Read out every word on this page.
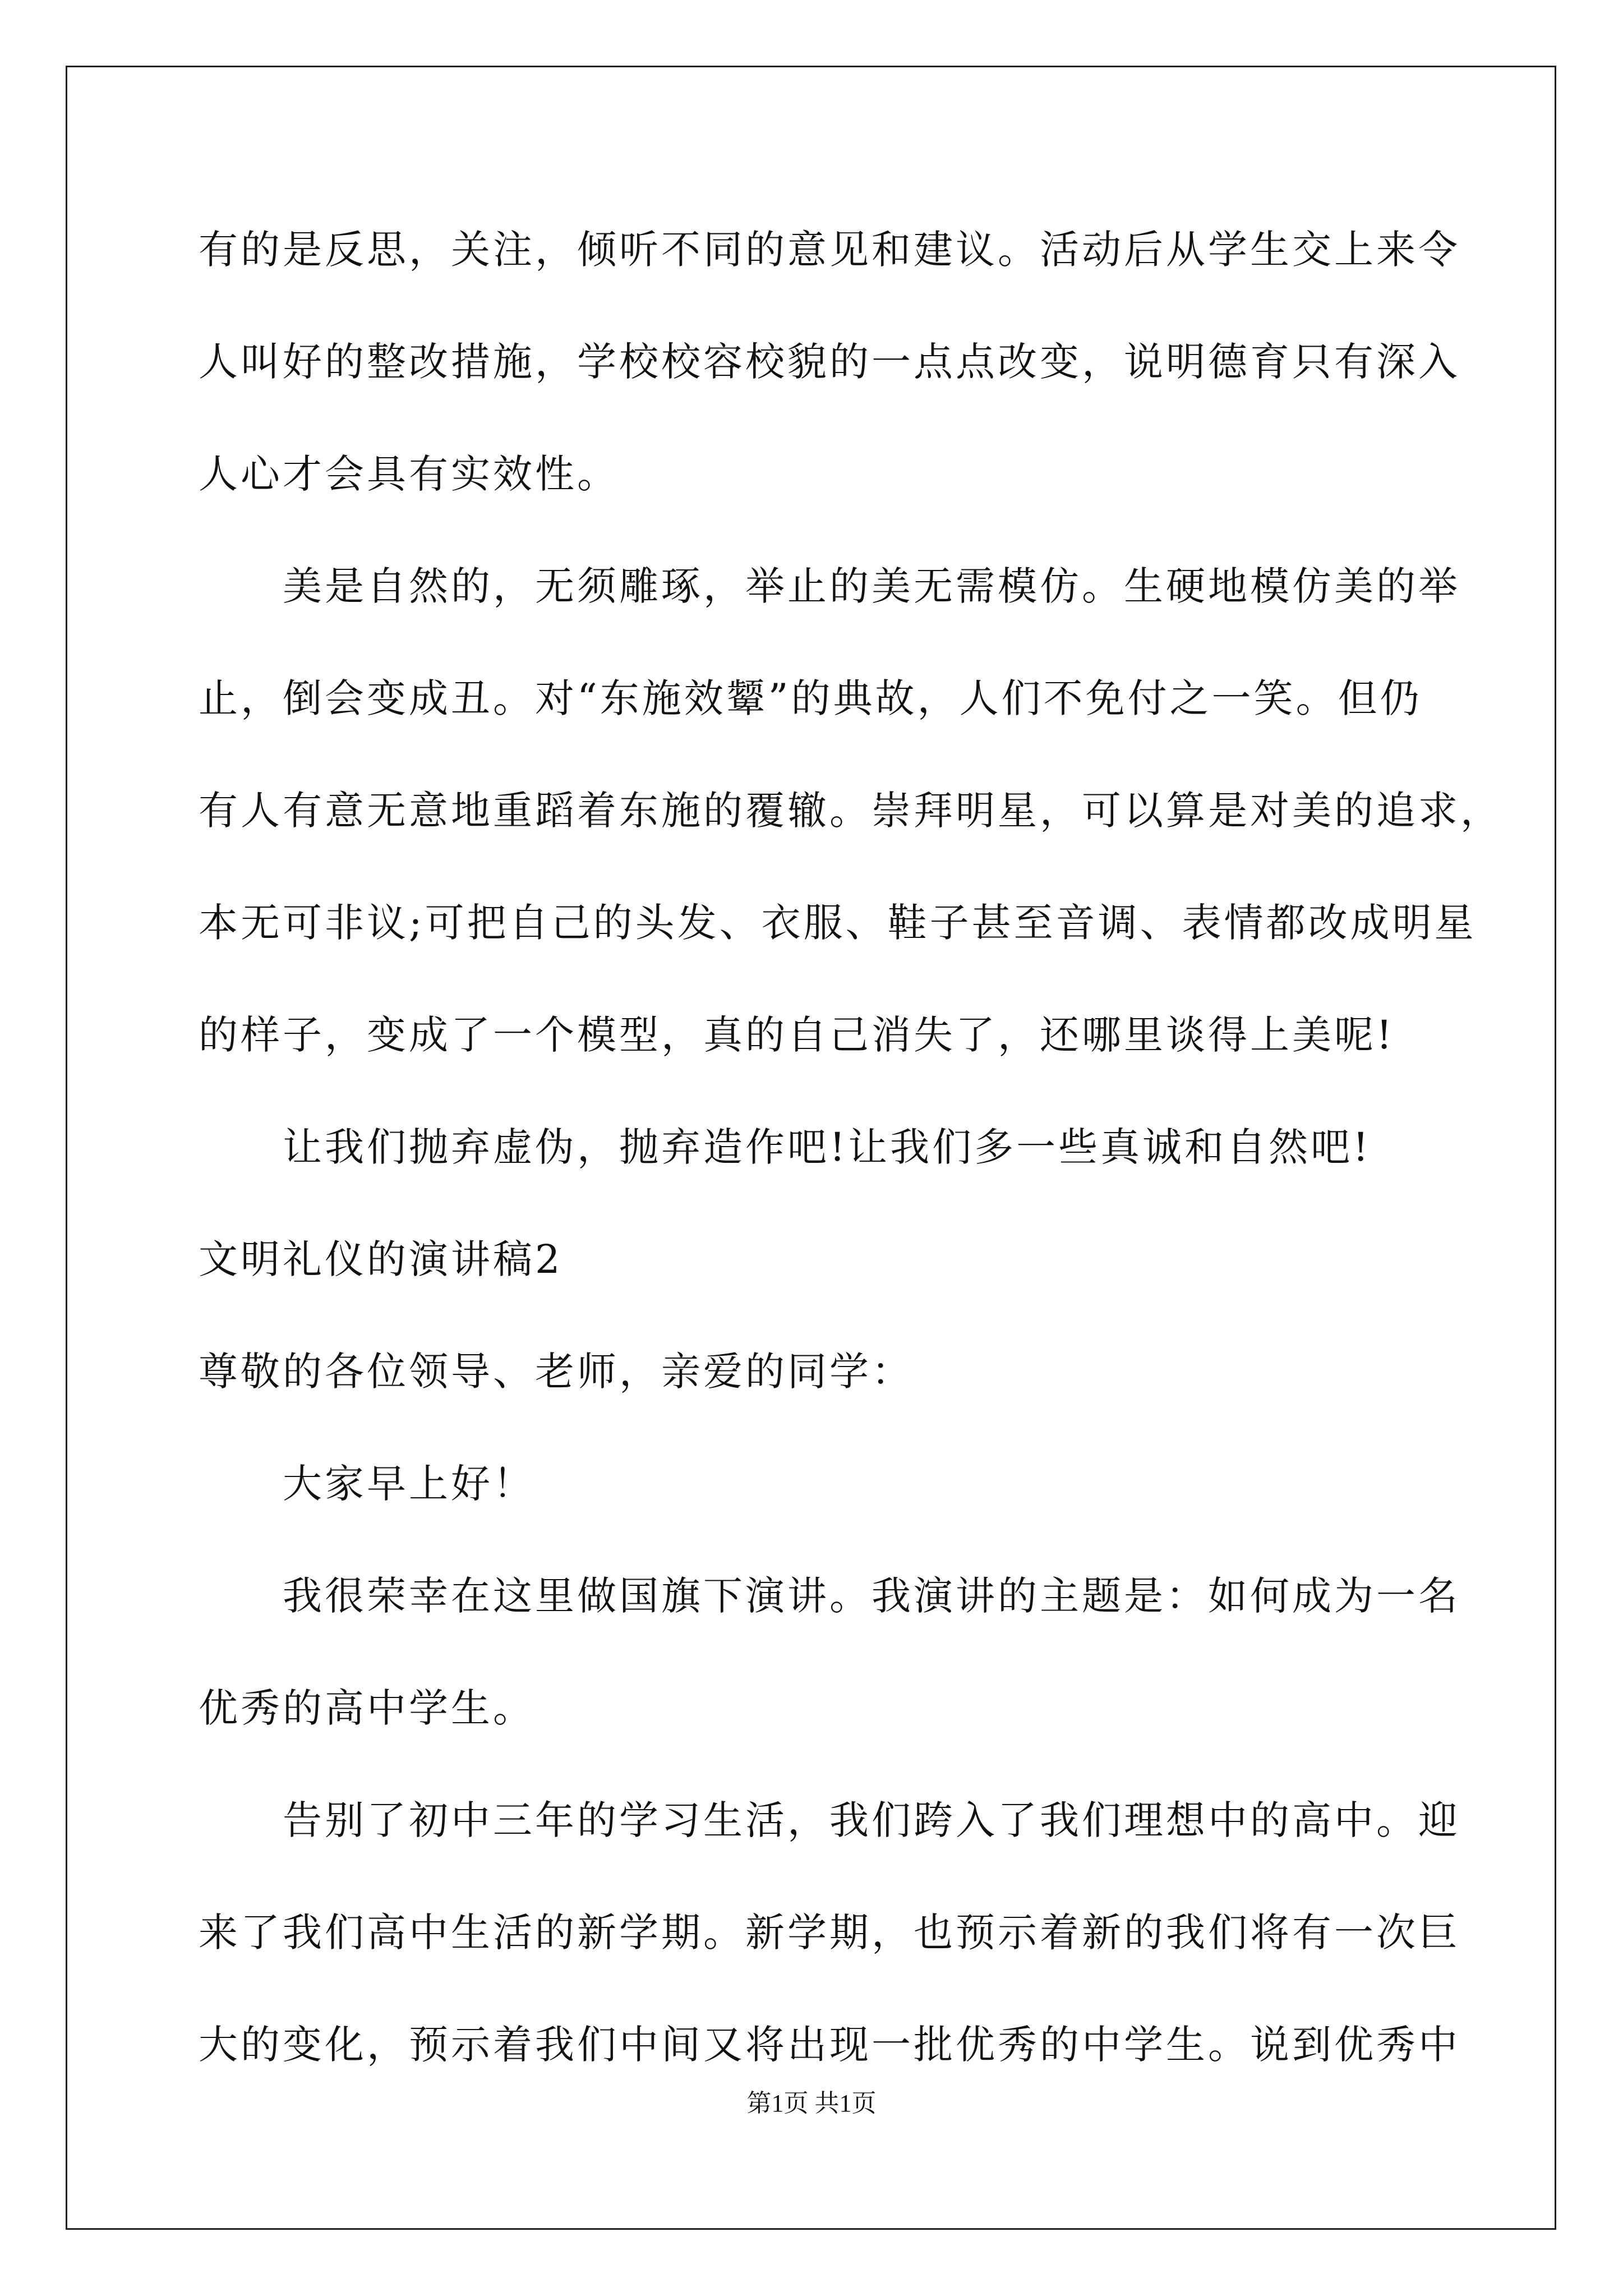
有的是反思，关注，倾听不同的意见和建议。活动后从学生交上来令
人叫好的整改措施，学校校容校貌的一点点改变，说明德育只有深入
人心才会具有实效性。
美是自然的，无须雕琢，举止的美无需模仿。生硬地模仿美的举
止，倒会变成丑。对“东施效颦”的典故，人们不免付之一笑。但仍
有人有意无意地重蹈着东施的覆辙。崇拜明星，可以算是对美的追求，
本无可非议;可把自己的头发、衣服、鞋子甚至音调、表情都改成明星
的样子，变成了一个模型，真的自己消失了，还哪里谈得上美呢!
让我们抛弃虚伪，抛弃造作吧!让我们多一些真诚和自然吧!
文明礼仪的演讲稿2
尊敬的各位领导、老师，亲爱的同学：
大家早上好！
我很荣幸在这里做国旗下演讲。我演讲的主题是：如何成为一名
优秀的高中学生。
告别了初中三年的学习生活，我们跨入了我们理想中的高中。迎
来了我们高中生活的新学期。新学期，也预示着新的我们将有一次巨
大的变化，预示着我们中间又将出现一批优秀的中学生。说到优秀中
第1页 共1页
